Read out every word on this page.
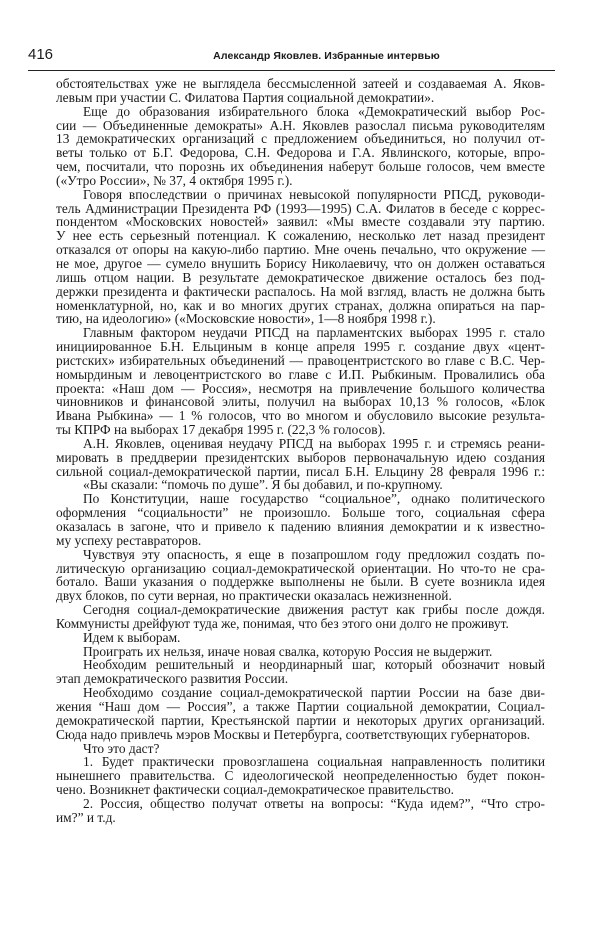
416	Александр Яковлев. Избранные интервью
обстоятельствах уже не выглядела бессмысленной затеей и создаваемая А. Яков-
левым при участии С. Филатова Партия социальной демократии».
Еще до образования избирательного блока «Демократический выбор Рос-
сии — Объединенные демократы» А.Н. Яковлев разослал письма руководителям
13 демократических организаций с предложением объединиться, но получил от-
веты только от Б.Г. Федорова, С.Н. Федорова и Г.А. Явлинского, которые, впро-
чем, посчитали, что порознь их объединения наберут больше голосов, чем вместе
(«Утро России», № 37, 4 октября 1995 г.).
Говоря впоследствии о причинах невысокой популярности РПСД, руководи-
тель Администрации Президента РФ (1993—1995) С.А. Филатов в беседе с коррес-
пондентом «Московских новостей» заявил: «Мы вместе создавали эту партию.
У нее есть серьезный потенциал. К сожалению, несколько лет назад президент
отказался от опоры на какую-либо партию. Мне очень печально, что окружение —
не мое, другое — сумело внушить Борису Николаевичу, что он должен оставаться
лишь отцом нации. В результате демократическое движение осталось без под-
держки президента и фактически распалось. На мой взгляд, власть не должна быть
номенклатурной, но, как и во многих других странах, должна опираться на пар-
тию, на идеологию» («Московские новости», 1—8 ноября 1998 г.).
Главным фактором неудачи РПСД на парламентских выборах 1995 г. стало
инициированное Б.Н. Ельциным в конце апреля 1995 г. создание двух «цент-
ристских» избирательных объединений — правоцентристского во главе с В.С. Чер-
номырдиным и левоцентристского во главе с И.П. Рыбкиным. Провалились оба
проекта: «Наш дом — Россия», несмотря на привлечение большого количества
чиновников и финансовой элиты, получил на выборах 10,13 % голосов, «Блок
Ивана Рыбкина» — 1 % голосов, что во многом и обусловило высокие результа-
ты КПРФ на выборах 17 декабря 1995 г. (22,3 % голосов).
А.Н. Яковлев, оценивая неудачу РПСД на выборах 1995 г. и стремясь реани-
мировать в преддверии президентских выборов первоначальную идею создания
сильной социал-демократической партии, писал Б.Н. Ельцину 28 февраля 1996 г.:
«Вы сказали: “помочь по душе”. Я бы добавил, и по-крупному.
По Конституции, наше государство “социальное”, однако политического
оформления “социальности” не произошло. Больше того, социальная сфера
оказалась в загоне, что и привело к падению влияния демократии и к известно-
му успеху реставраторов.
Чувствуя эту опасность, я еще в позапрошлом году предложил создать по-
литическую организацию социал-демократической ориентации. Но что-то не сра-
ботало. Ваши указания о поддержке выполнены не были. В суете возникла идея
двух блоков, по сути верная, но практически оказалась нежизненной.
Сегодня социал-демократические движения растут как грибы после дождя.
Коммунисты дрейфуют туда же, понимая, что без этого они долго не проживут.
Идем к выборам.
Проиграть их нельзя, иначе новая свалка, которую Россия не выдержит.
Необходим решительный и неординарный шаг, который обозначит новый
этап демократического развития России.
Необходимо создание социал-демократической партии России на базе дви-
жения “Наш дом — Россия”, а также Партии социальной демократии, Социал-
демократической партии, Крестьянской партии и некоторых других организаций.
Сюда надо привлечь мэров Москвы и Петербурга, соответствующих губернаторов.
Что это даст?
1. Будет практически провозглашена социальная направленность политики
нынешнего правительства. С идеологической неопределенностью будет покон-
чено. Возникнет фактически социал-демократическое правительство.
2. Россия, общество получат ответы на вопросы: “Куда идем?”, “Что стро-
им?” и т.д.
